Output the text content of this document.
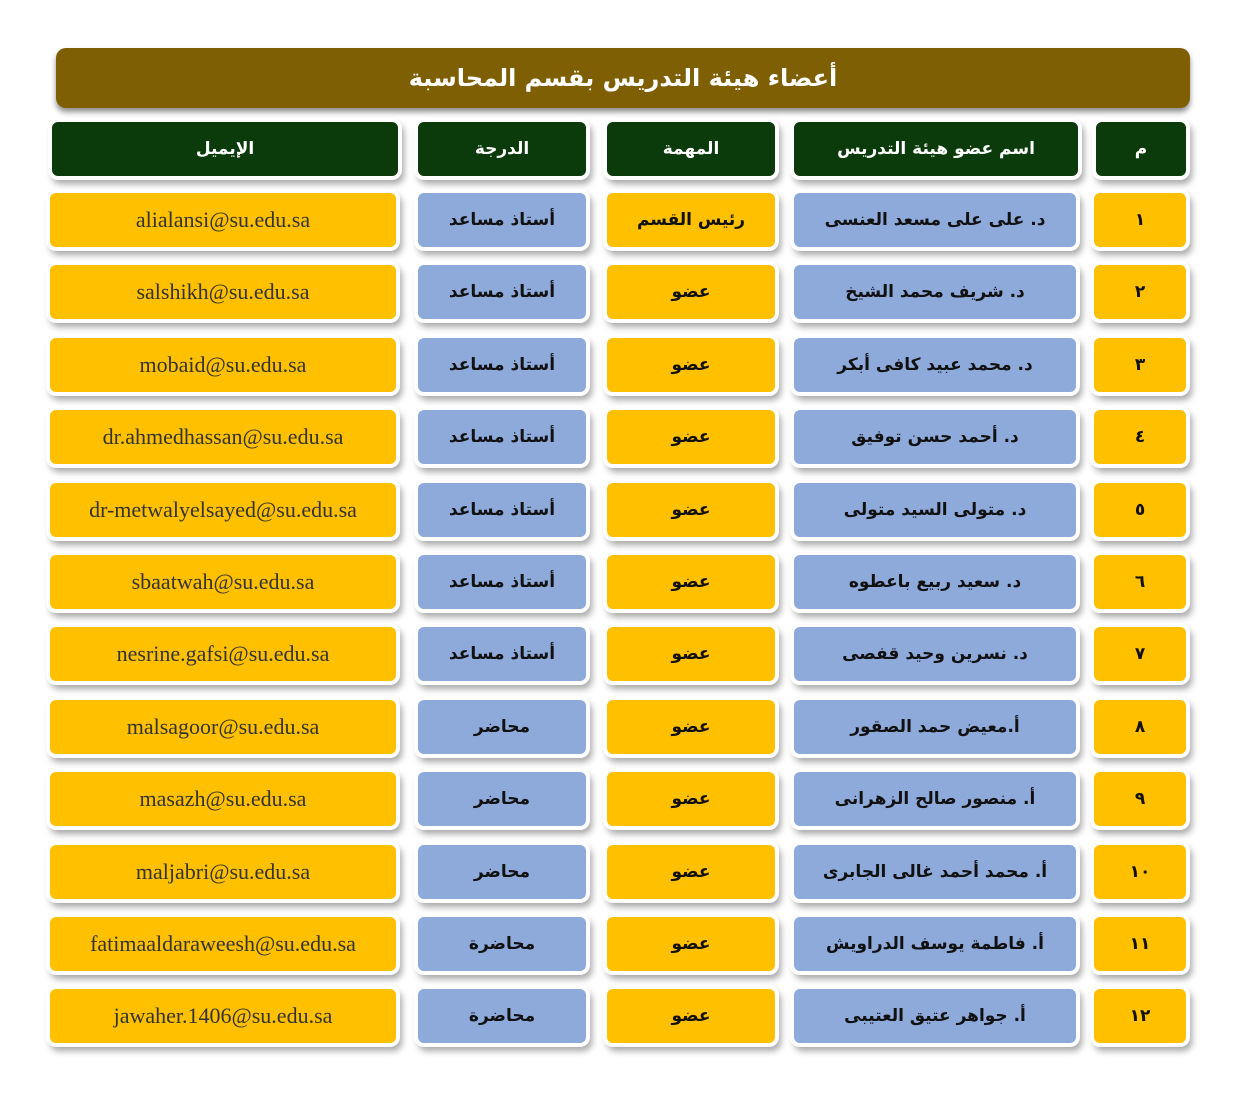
أعضاء هيئة التدريس بقسم المحاسبة
م
اسم عضو هيئة التدريس
المهمة
الدرجة
الإيميل
١
د. على على مسعد العنسى
رئيس القسم
أستاذ مساعد
alialansi@su.edu.sa
٢
د. شريف محمد الشيخ
عضو
أستاذ مساعد
salshikh@su.edu.sa
٣
د. محمد عبيد كافى أبكر
عضو
أستاذ مساعد
mobaid@su.edu.sa
٤
د. أحمد حسن توفيق
عضو
أستاذ مساعد
dr.ahmedhassan@su.edu.sa
٥
د. متولى السيد متولى
عضو
أستاذ مساعد
dr-metwalyelsayed@su.edu.sa
٦
د. سعيد ربيع باعطوه
عضو
أستاذ مساعد
sbaatwah@su.edu.sa
٧
د. نسرين وحيد قفصى
عضو
أستاذ مساعد
nesrine.gafsi@su.edu.sa
٨
أ.معيض حمد الصقور
عضو
محاضر
malsagoor@su.edu.sa
٩
أ. منصور صالح الزهرانى
عضو
محاضر
masazh@su.edu.sa
١٠
أ. محمد أحمد غالى الجابرى
عضو
محاضر
maljabri@su.edu.sa
١١
أ. فاطمة يوسف الدراويش
عضو
محاضرة
fatimaaldaraweesh@su.edu.sa
١٢
أ. جواهر عتيق العتيبى
عضو
محاضرة
jawaher.1406@su.edu.sa
